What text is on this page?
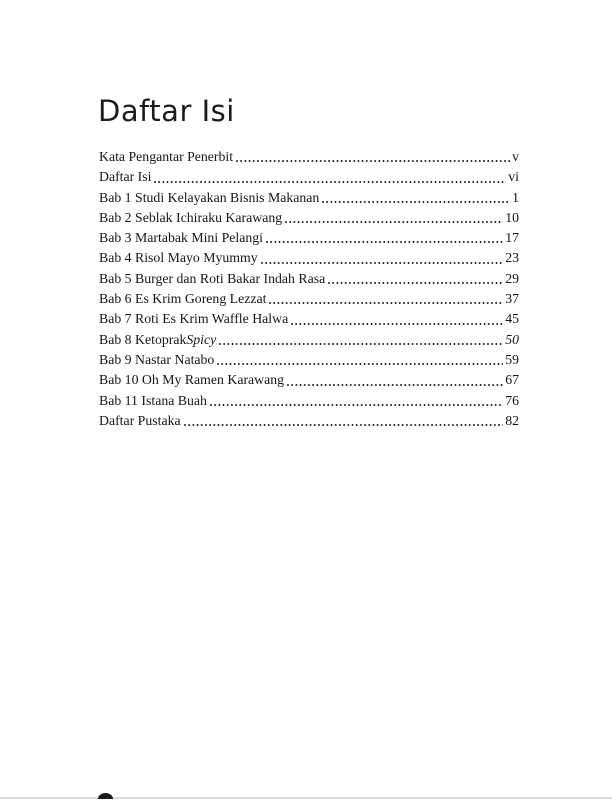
Daftar Isi
Kata Pengantar Penerbit	v
Daftar Isi	vi
Bab 1 Studi Kelayakan Bisnis Makanan	1
Bab 2 Seblak Ichiraku Karawang	10
Bab 3 Martabak Mini Pelangi	17
Bab 4 Risol Mayo Myummy	23
Bab 5 Burger dan Roti Bakar Indah Rasa	29
Bab 6 Es Krim Goreng Lezzat	37
Bab 7 Roti Es Krim Waffle Halwa	45
Bab 8 Ketoprak Spicy	50
Bab 9 Nastar Natabo	59
Bab 10 Oh My Ramen Karawang	67
Bab 11 Istana Buah	76
Daftar Pustaka	82
